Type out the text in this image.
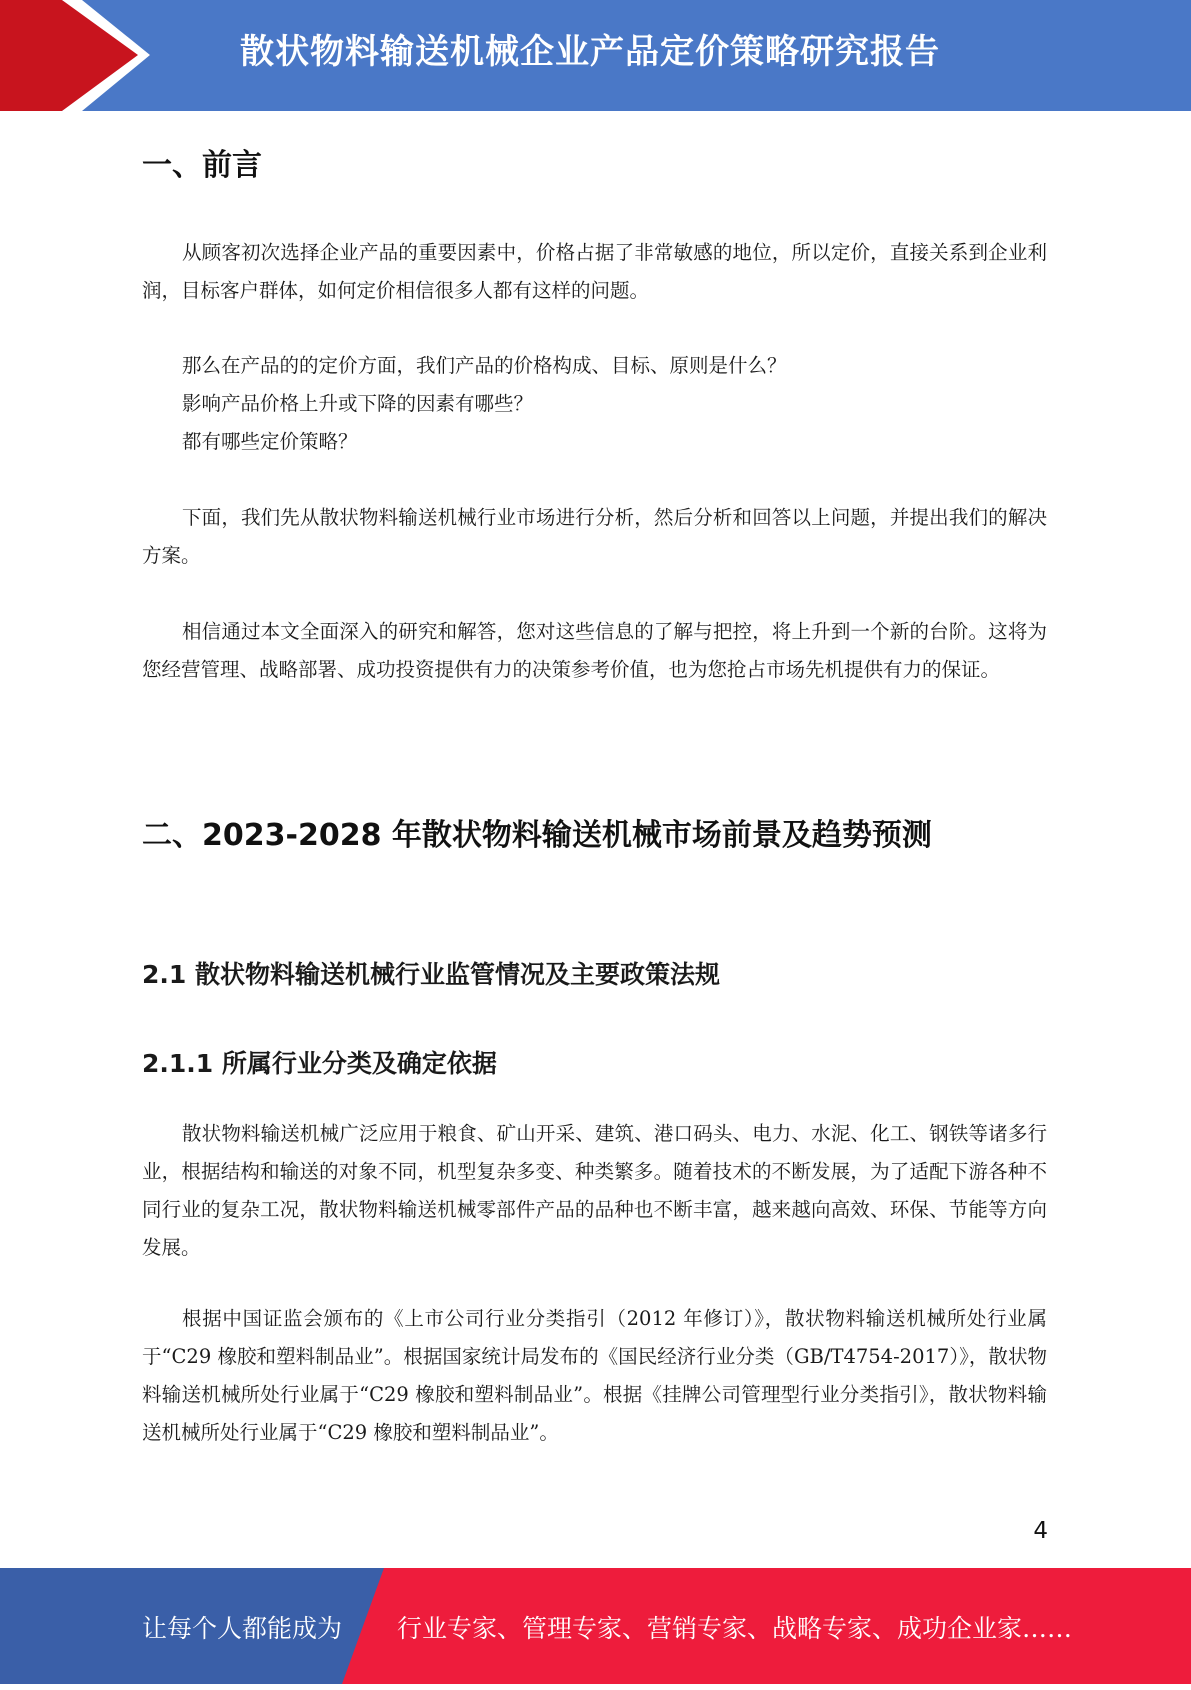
散状物料输送机械企业产品定价策略研究报告
一、前言

从顾客初次选择企业产品的重要因素中，价格占据了非常敏感的地位，所以定价，直接关系到企业利润，目标客户群体，如何定价相信很多人都有这样的问题。

那么在产品的的定价方面，我们产品的价格构成、目标、原则是什么？

影响产品价格上升或下降的因素有哪些？

都有哪些定价策略？

下面，我们先从散状物料输送机械行业市场进行分析，然后分析和回答以上问题，并提出我们的解决方案。

相信通过本文全面深入的研究和解答，您对这些信息的了解与把控，将上升到一个新的台阶。这将为您经营管理、战略部署、成功投资提供有力的决策参考价值，也为您抢占市场先机提供有力的保证。

二、2023-2028 年散状物料输送机械市场前景及趋势预测
2.1 散状物料输送机械行业监管情况及主要政策法规
2.1.1 所属行业分类及确定依据

散状物料输送机械广泛应用于粮食、矿山开采、建筑、港口码头、电力、水泥、化工、钢铁等诸多行业，根据结构和输送的对象不同，机型复杂多变、种类繁多。随着技术的不断发展，为了适配下游各种不同行业的复杂工况，散状物料输送机械零部件产品的品种也不断丰富，越来越向高效、环保、节能等方向发展。

根据中国证监会颁布的《上市公司行业分类指引（2012 年修订）》，散状物料输送机械所处行业属于“C29 橡胶和塑料制品业”。根据国家统计局发布的《国民经济行业分类（GB/T4754-2017）》，散状物料输送机械所处行业属于“C29 橡胶和塑料制品业”。根据《挂牌公司管理型行业分类指引》，散状物料输送机械所处行业属于“C29 橡胶和塑料制品业”。

4
让每个人都能成为 行业专家、管理专家、营销专家、战略专家、成功企业家……
